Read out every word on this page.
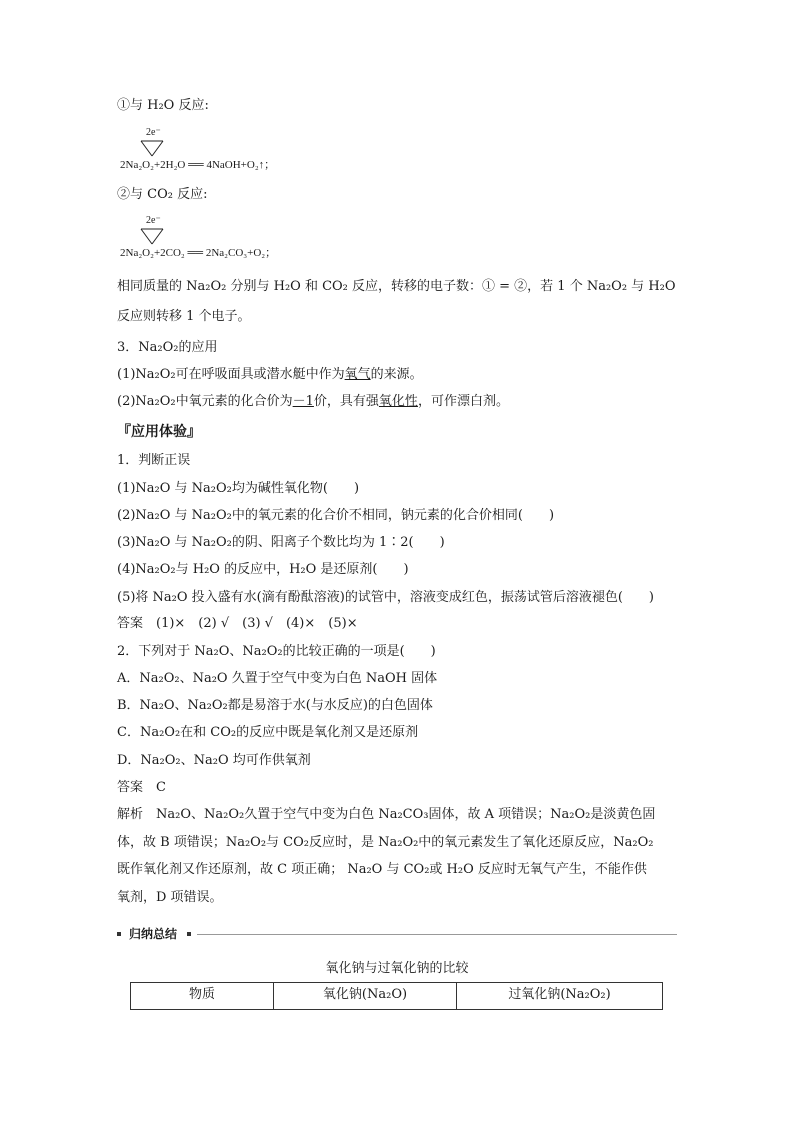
①与 H₂O 反应:
2e⁻
2Na₂O₂+2H₂O ══ 4NaOH+O₂↑；
②与 CO₂ 反应:
2e⁻
2Na₂O₂+2CO₂ ══ 2Na₂CO₃+O₂；
相同质量的 Na₂O₂ 分别与 H₂O 和 CO₂ 反应，转移的电子数：① = ②，若 1 个 Na₂O₂ 与 H₂O
反应则转移 1 个电子。
3．Na₂O₂的应用
(1)Na₂O₂可在呼吸面具或潜水艇中作为氧气的来源。
(2)Na₂O₂中氧元素的化合价为－1价，具有强氧化性，可作漂白剂。
『应用体验』
1．判断正误
(1)Na₂O 与 Na₂O₂均为碱性氧化物(　　)
(2)Na₂O 与 Na₂O₂中的氧元素的化合价不相同，钠元素的化合价相同(　　)
(3)Na₂O 与 Na₂O₂的阴、阳离子个数比均为 1∶2(　　)
(4)Na₂O₂与 H₂O 的反应中，H₂O 是还原剂(　　)
(5)将 Na₂O 投入盛有水(滴有酚酞溶液)的试管中，溶液变成红色，振荡试管后溶液褪色(　　)
答案　(1)×　(2) √　(3) √　(4)×　(5)×
2．下列对于 Na₂O、Na₂O₂的比较正确的一项是(　　)
A．Na₂O₂、Na₂O 久置于空气中变为白色 NaOH 固体
B．Na₂O、Na₂O₂都是易溶于水(与水反应)的白色固体
C．Na₂O₂在和 CO₂的反应中既是氧化剂又是还原剂
D．Na₂O₂、Na₂O 均可作供氧剂
答案　C
解析　Na₂O、Na₂O₂久置于空气中变为白色 Na₂CO₃固体，故 A 项错误；Na₂O₂是淡黄色固
体，故 B 项错误；Na₂O₂与 CO₂反应时，是 Na₂O₂中的氧元素发生了氧化还原反应，Na₂O₂
既作氧化剂又作还原剂，故 C 项正确； Na₂O 与 CO₂或 H₂O 反应时无氧气产生，不能作供
氧剂，D 项错误。
归纳总结
氧化钠与过氧化钠的比较
物质	氧化钠(Na₂O)	过氧化钠(Na₂O₂)
